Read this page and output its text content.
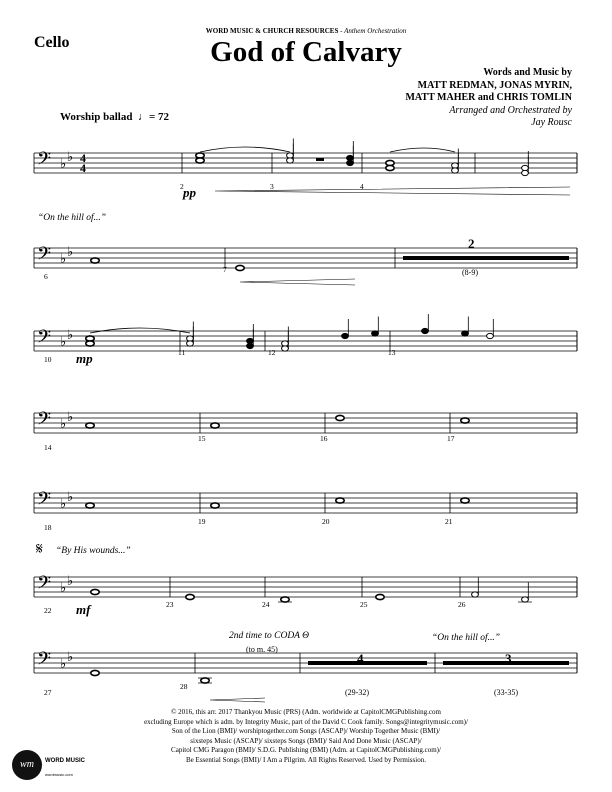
𝄢 ♭ ♭ 4
4
𝄢 ♭ ♭
𝄢 ♭ ♭
𝄢 ♭ ♭
𝄢 ♭ ♭
𝄢 ♭ ♭
𝄢 ♭ ♭
Cello
WORD MUSIC & CHURCH RESOURCES - Anthem Orchestration
God of Calvary
Words and Music by
MATT REDMAN, JONAS MYRIN,
MATT MAHER and CHRIS TOMLIN
Arranged and Orchestrated by
Jay Rousc
Worship ballad ♩= 72
2	3	4
6
7
10
11	12	13
14
15	16	17
18
19	20	21
22
23	24	25	26
27
28
pp
mp
mf
“On the hill of...”
𝄋 “By His wounds...”
2nd time to CODA Θ
(to m. 45)
“On the hill of...”
2
(8-9)
4
(29-32)
3
(33-35)
© 2016, this arr. 2017 Thankyou Music (PRS) (Adm. worldwide at CapitolCMGPublishing.com
excluding Europe which is adm. by Integrity Music, part of the David C Cook family. Songs@integritymusic.com)/
Son of the Lion (BMI)/ worshiptogether.com Songs (ASCAP)/ Worship Together Music (BMI)/
sixsteps Music (ASCAP)/ sixsteps Songs (BMI)/ Said And Done Music (ASCAP)/
Capitol CMG Paragon (BMI)/ S.D.G. Publishing (BMI) (Adm. at CapitolCMGPublishing.com)/
Be Essential Songs (BMI)/ I Am a Pilgrim. All Rights Reserved. Used by Permission.
wm	WORD MUSIC
wordmusic.com
